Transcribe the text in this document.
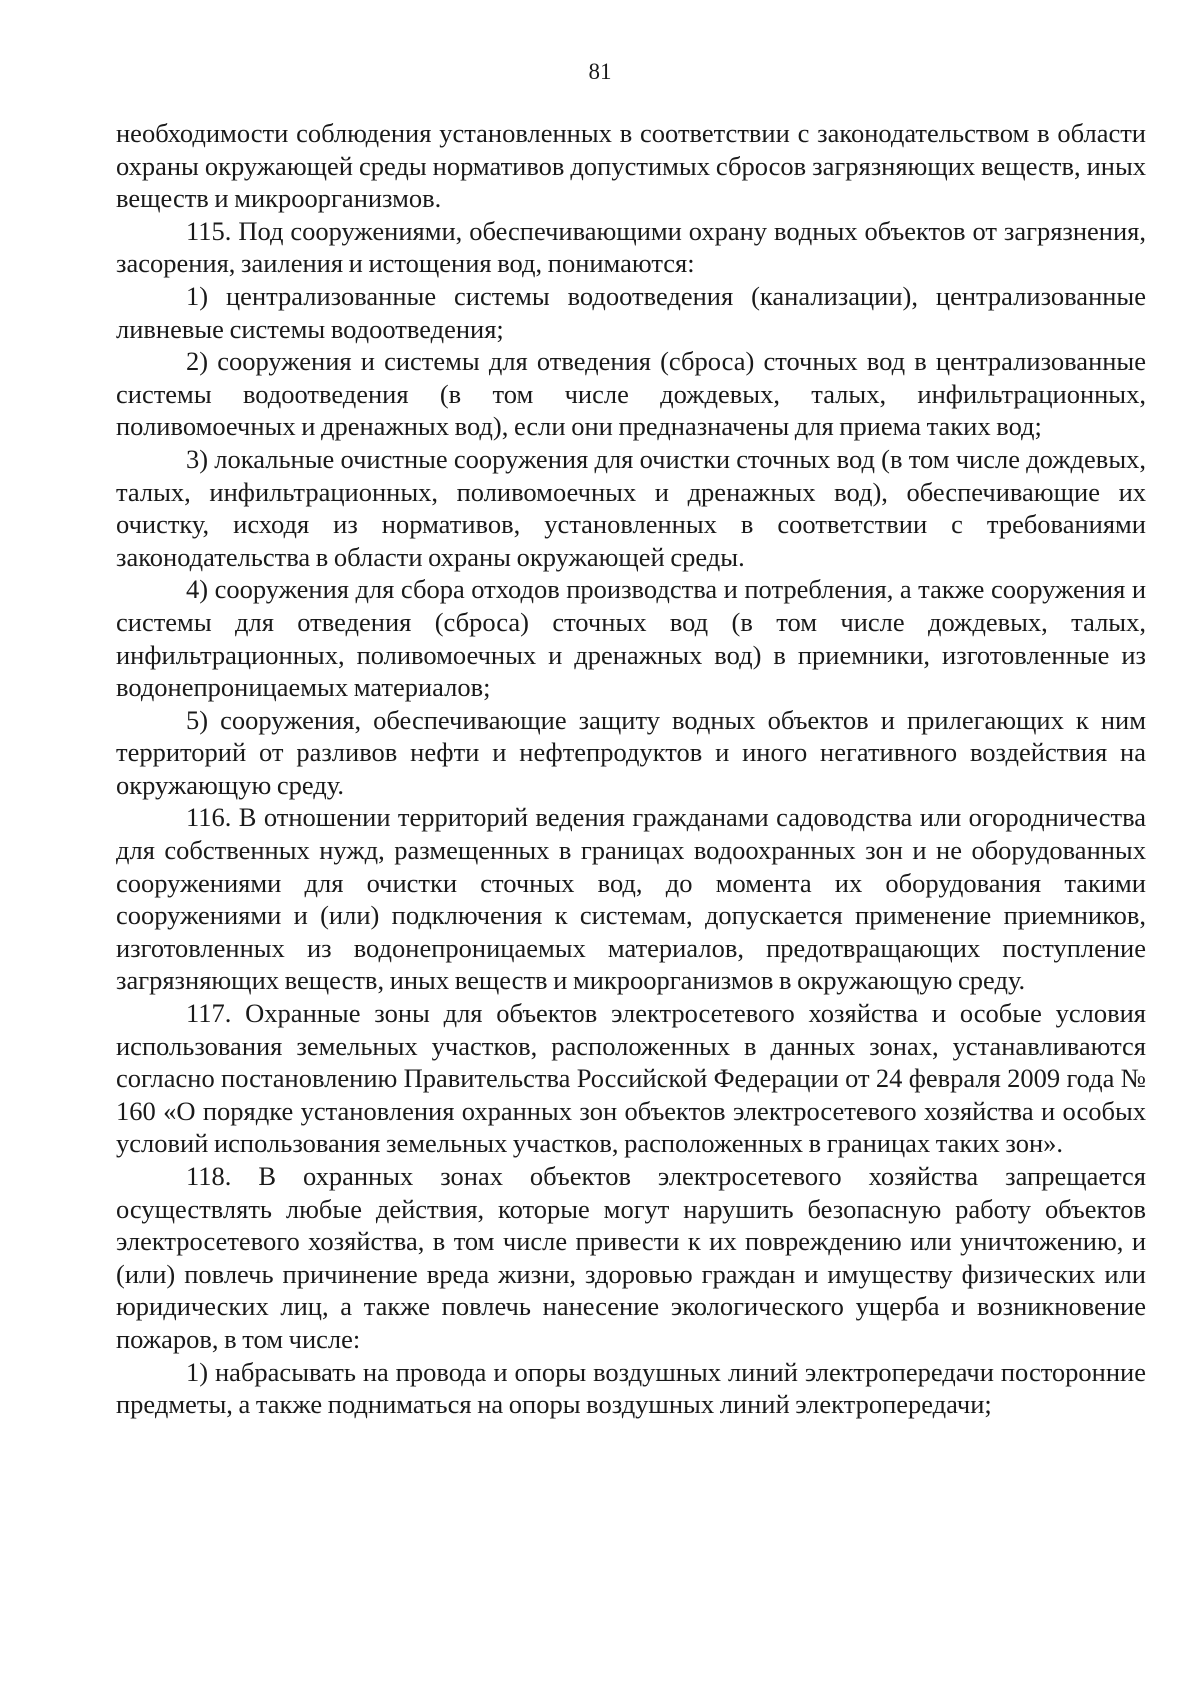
81

необходимости соблюдения установленных в соответствии с законодательством в области охраны окружающей среды нормативов допустимых сбросов загрязняющих веществ, иных веществ и микроорганизмов.

115. Под сооружениями, обеспечивающими охрану водных объектов от загрязнения, засорения, заиления и истощения вод, понимаются:

1) централизованные системы водоотведения (канализации), централизованные ливневые системы водоотведения;

2) сооружения и системы для отведения (сброса) сточных вод в централизованные системы водоотведения (в том числе дождевых, талых, инфильтрационных, поливомоечных и дренажных вод), если они предназначены для приема таких вод;

3) локальные очистные сооружения для очистки сточных вод (в том числе дождевых, талых, инфильтрационных, поливомоечных и дренажных вод), обеспечивающие их очистку, исходя из нормативов, установленных в соответствии с требованиями законодательства в области охраны окружающей среды.

4) сооружения для сбора отходов производства и потребления, а также сооружения и системы для отведения (сброса) сточных вод (в том числе дождевых, талых, инфильтрационных, поливомоечных и дренажных вод) в приемники, изготовленные из водонепроницаемых материалов;

5) сооружения, обеспечивающие защиту водных объектов и прилегающих к ним территорий от разливов нефти и нефтепродуктов и иного негативного воздействия на окружающую среду.

116. В отношении территорий ведения гражданами садоводства или огородничества для собственных нужд, размещенных в границах водоохранных зон и не оборудованных сооружениями для очистки сточных вод, до момента их оборудования такими сооружениями и (или) подключения к системам, допускается применение приемников, изготовленных из водонепроницаемых материалов, предотвращающих поступление загрязняющих веществ, иных веществ и микроорганизмов в окружающую среду.

117. Охранные зоны для объектов электросетевого хозяйства и особые условия использования земельных участков, расположенных в данных зонах, устанавливаются согласно постановлению Правительства Российской Федерации от 24 февраля 2009 года № 160 «О порядке установления охранных зон объектов электросетевого хозяйства и особых условий использования земельных участков, расположенных в границах таких зон».

118. В охранных зонах объектов электросетевого хозяйства запрещается осуществлять любые действия, которые могут нарушить безопасную работу объектов электросетевого хозяйства, в том числе привести к их повреждению или уничтожению, и (или) повлечь причинение вреда жизни, здоровью граждан и имуществу физических или юридических лиц, а также повлечь нанесение экологического ущерба и возникновение пожаров, в том числе:

1) набрасывать на провода и опоры воздушных линий электропередачи посторонние предметы, а также подниматься на опоры воздушных линий электропередачи;
